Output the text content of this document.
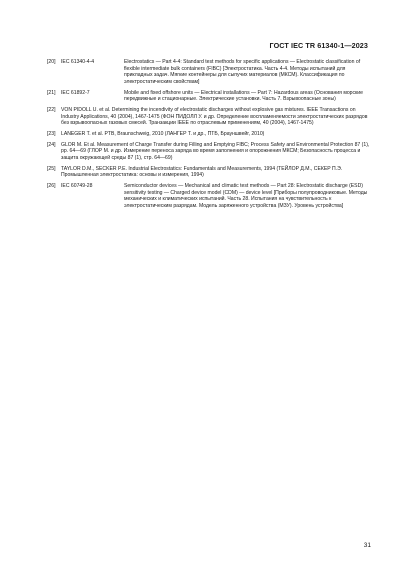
ГОСТ IEC TR 61340-1—2023
[20] IEC 61340-4-4	Electrostatics — Part 4-4: Standard test methods for specific applications — Electrostatic classification of flexible intermediate bulk containers (FIBC) [Электростатика. Часть 4-4. Методы испытаний для прикладных задач. Мягкие контейнеры для сыпучих материалов (МКСМ). Классификация по электростатическим свойствам]
[21] IEC 61892-7	Mobile and fixed offshore units — Electrical installations — Part 7: Hazardous areas (Основания морские передвижные и стационарные. Электрические установки. Часть 7. Взрывоопасные зоны)
[22] VON PIDOLL U. et al. Determining the incendivity of electrostatic discharges without explosive gas mixtures. IEEE Transactions on Industry Applications, 40 (2004), 1467-1475 (ФОН ПИДОЛЛ У. и др. Определение воспламеняемости электростатических разрядов без взрывоопасных газовых смесей. Транзакции IEEE по отраслевым применениям, 40 (2004), 1467-1475)
[23] LANEGER T. et al. PTB, Braunschweig, 2010 (ЛАНГЕР Т. и др., ПТБ, Брауншвейг, 2010)
[24] GLOR M. Et al. Measurement of Charge Transfer during Filling and Emptying FIBC; Process Safety and Environmental Protection 87 (1), pp. 64—69 (ГЛОР М. и др. Измерение переноса заряда во время заполнения и опорожнения МКСМ; Безопасность процесса и защита окружающей среды 87 (1), стр. 64—69)
[25] TAYLOR D.M., SECKER P.E. Industrial Electrostatics: Fundamentals and Measurements, 1994 (ТЕЙЛОР Д.М., СЕКЕР П.Э. Промышленная электростатика: основы и измерения, 1994)
[26] IEC 60749-28	Semiconductor devices — Mechanical and climatic test methods — Part 28: Electrostatic discharge (ESD) sensitivity testing — Charged device model (CDM) — device level [Приборы полупроводниковые. Методы механических и климатических испытаний. Часть 28. Испытания на чувствительность к электростатическим разрядам. Модель заряженного устройства (МЗУ). Уровень устройства]
31
